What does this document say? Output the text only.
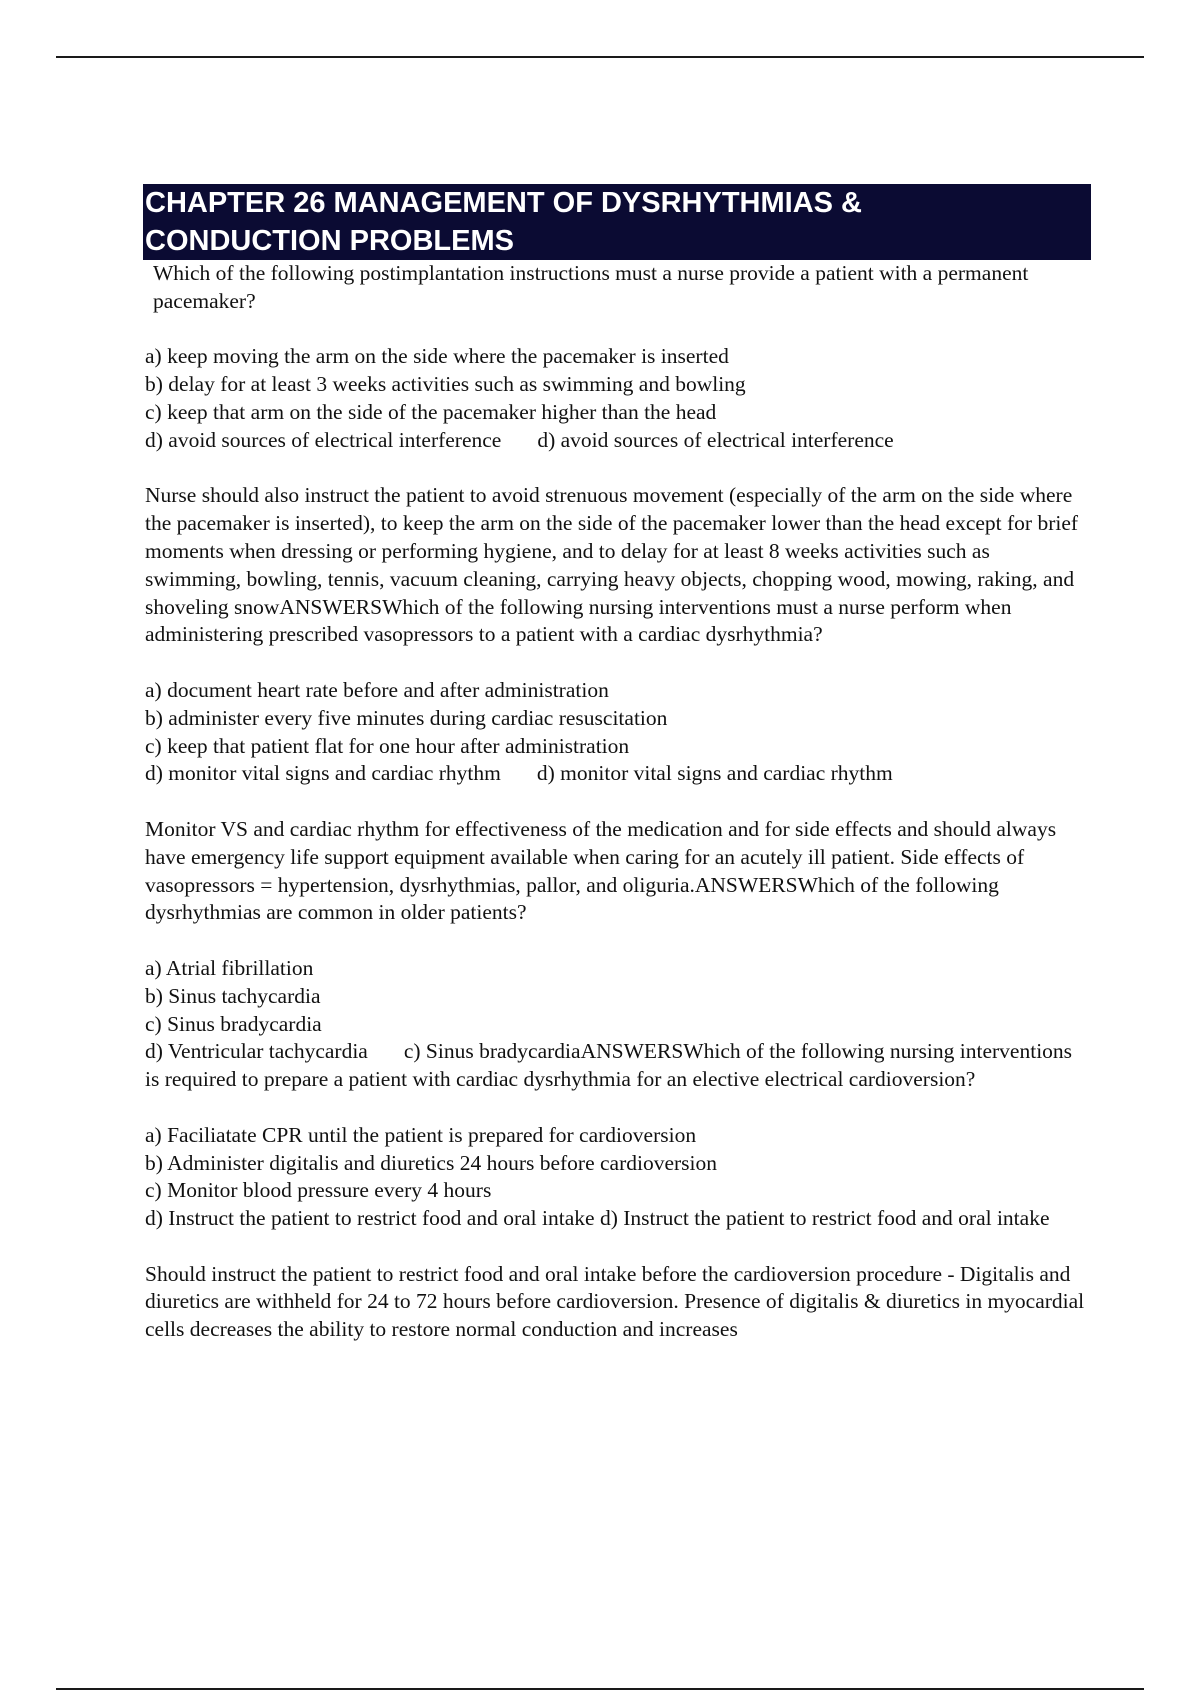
CHAPTER 26 MANAGEMENT OF DYSRHYTHMIAS &
CONDUCTION PROBLEMS

Which of the following postimplantation instructions must a nurse provide a patient with a permanent pacemaker?

a) keep moving the arm on the side where the pacemaker is inserted
b) delay for at least 3 weeks activities such as swimming and bowling
c) keep that arm on the side of the pacemaker higher than the head
d) avoid sources of electrical interference d) avoid sources of electrical interference

Nurse should also instruct the patient to avoid strenuous movement (especially of the arm on the side where the pacemaker is inserted), to keep the arm on the side of the pacemaker lower than the head except for brief moments when dressing or performing hygiene, and to delay for at least 8 weeks activities such as swimming, bowling, tennis, vacuum cleaning, carrying heavy objects, chopping wood, mowing, raking, and shoveling snowANSWERSWhich of the following nursing interventions must a nurse perform when administering prescribed vasopressors to a patient with a cardiac dysrhythmia?

a) document heart rate before and after administration
b) administer every five minutes during cardiac resuscitation
c) keep that patient flat for one hour after administration
d) monitor vital signs and cardiac rhythm d) monitor vital signs and cardiac rhythm

Monitor VS and cardiac rhythm for effectiveness of the medication and for side effects and should always have emergency life support equipment available when caring for an acutely ill patient. Side effects of vasopressors = hypertension, dysrhythmias, pallor, and oliguria.ANSWERSWhich of the following dysrhythmias are common in older patients?

a) Atrial fibrillation
b) Sinus tachycardia
c) Sinus bradycardia

d) Ventricular tachycardia c) Sinus bradycardiaANSWERSWhich of the following nursing interventions is required to prepare a patient with cardiac dysrhythmia for an elective electrical cardioversion?

a) Faciliatate CPR until the patient is prepared for cardioversion
b) Administer digitalis and diuretics 24 hours before cardioversion
c) Monitor blood pressure every 4 hours

d) Instruct the patient to restrict food and oral intake d) Instruct the patient to restrict food and oral intake

Should instruct the patient to restrict food and oral intake before the cardioversion procedure - Digitalis and diuretics are withheld for 24 to 72 hours before cardioversion. Presence of digitalis & diuretics in myocardial cells decreases the ability to restore normal conduction and increases
